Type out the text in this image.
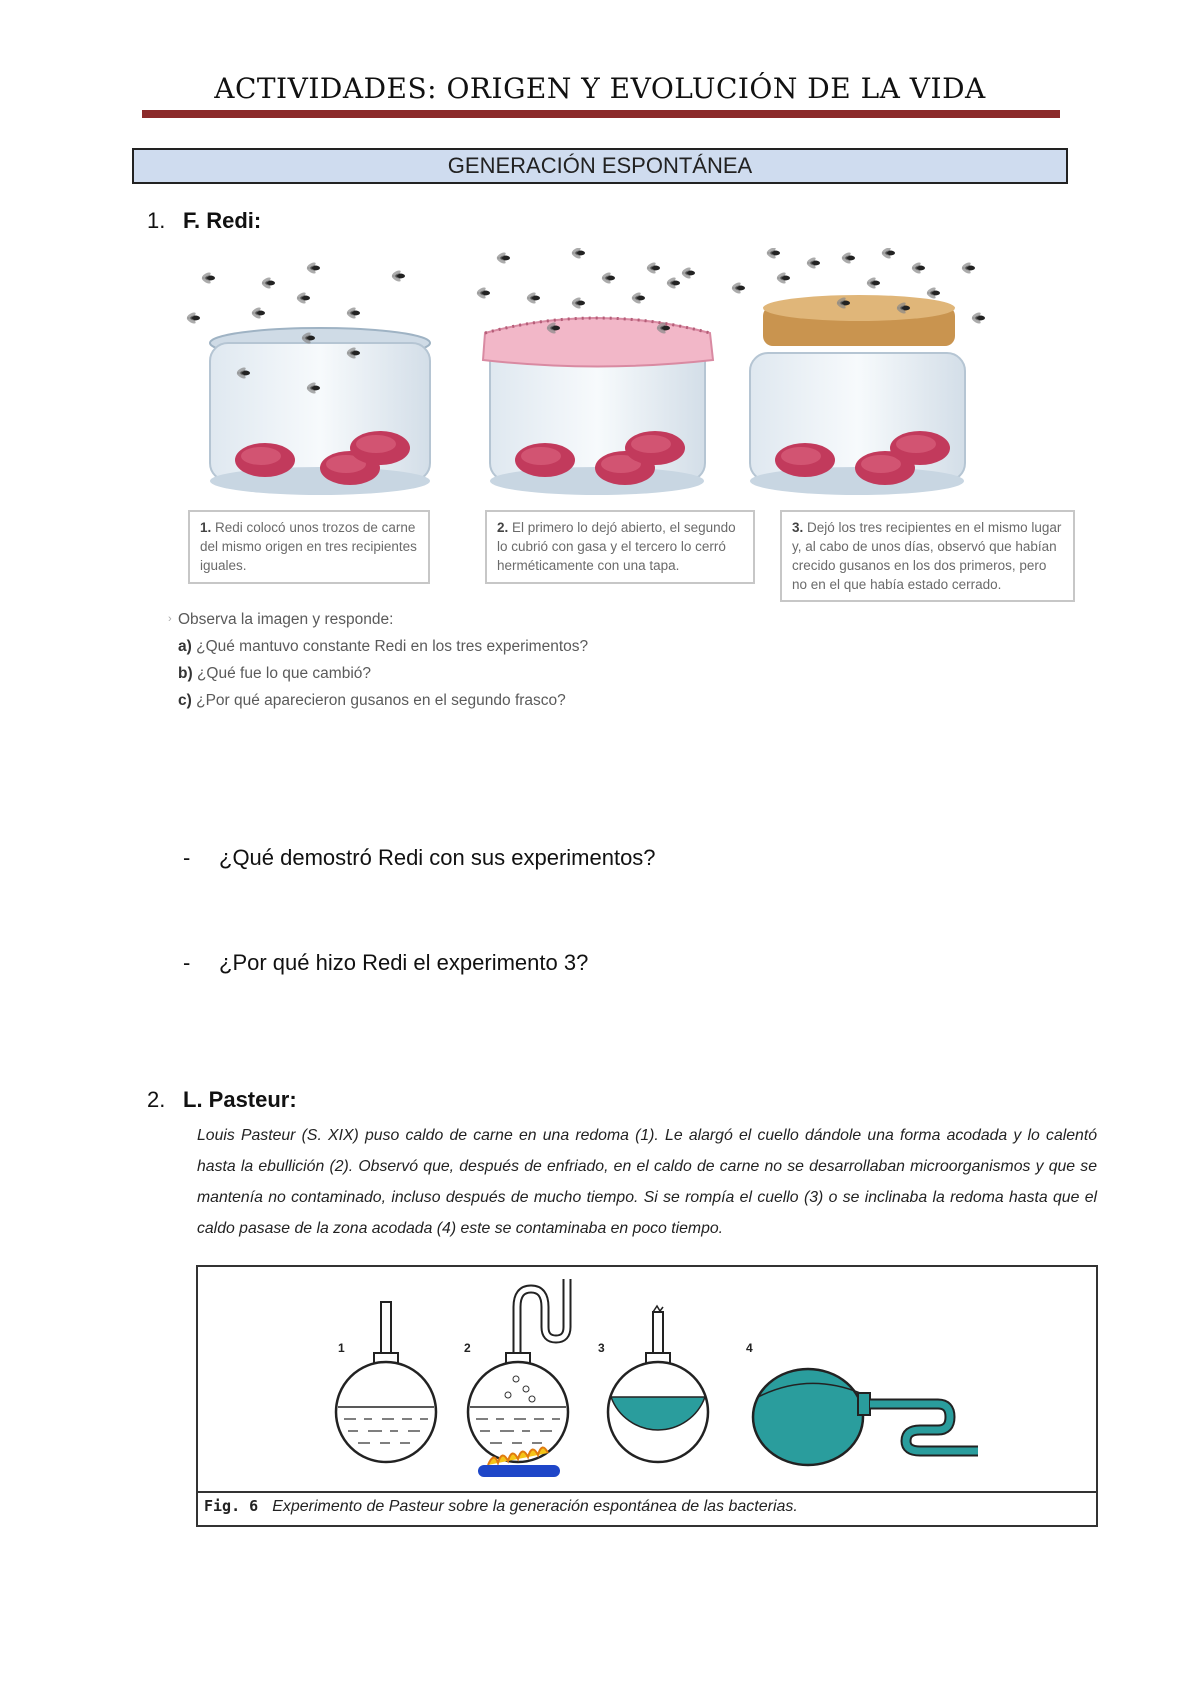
ACTIVIDADES: ORIGEN Y EVOLUCIÓN DE LA VIDA
GENERACIÓN ESPONTÁNEA
1. F. Redi:
1. Redi colocó unos trozos de carne del mismo origen en tres recipientes iguales.
2. El primero lo dejó abierto, el segundo lo cubrió con gasa y el tercero lo cerró herméticamente con una tapa.
3. Dejó los tres recipientes en el mismo lugar y, al cabo de unos días, observó que habían crecido gusanos en los dos primeros, pero no en el que había estado cerrado.
› Observa la imagen y responde:
a) ¿Qué mantuvo constante Redi en los tres experimentos?
b) ¿Qué fue lo que cambió?
c) ¿Por qué aparecieron gusanos en el segundo frasco?
- ¿Qué demostró Redi con sus experimentos?
- ¿Por qué hizo Redi el experimento 3?
2. L. Pasteur:
Louis Pasteur (S. XIX) puso caldo de carne en una redoma (1). Le alargó el cuello dándole una forma acodada y lo calentó hasta la ebullición (2). Observó que, después de enfriado, en el caldo de carne no se desarrollaban microorganismos y que se mantenía no contaminado, incluso después de mucho tiempo. Si se rompía el cuello (3) o se inclinaba la redoma hasta que el caldo pasase de la zona acodada (4) este se contaminaba en poco tiempo.
1	2	3	4
Fig. 6 Experimento de Pasteur sobre la generación espontánea de las bacterias.
